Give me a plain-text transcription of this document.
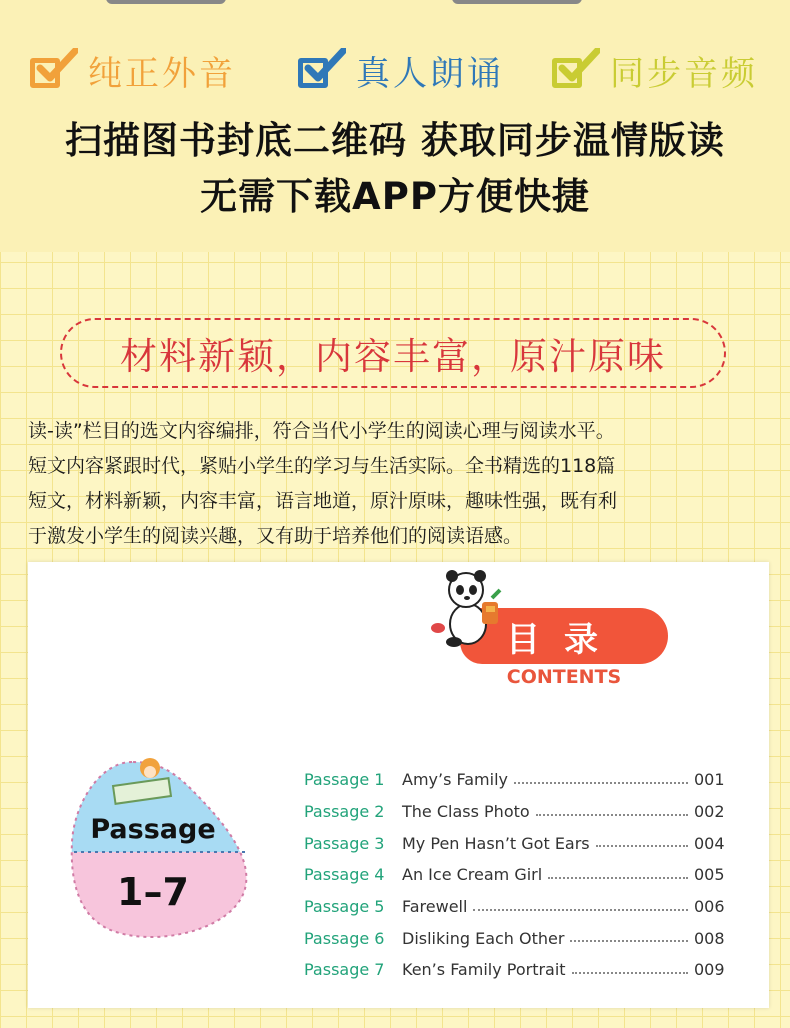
纯正外音	真人朗诵	同步音频
扫描图书封底二维码 获取同步温情版读
无需下载APP方便快捷
材料新颖，内容丰富，原汁原味

读-读”栏目的选文内容编排，符合当代小学生的阅读心理与阅读水平。

短文内容紧跟时代，紧贴小学生的学习与生活实际。全书精选的118篇

短文，材料新颖，内容丰富，语言地道，原汁原味，趣味性强，既有利

于激发小学生的阅读兴趣，又有助于培养他们的阅读语感。

目录
CONTENTS
Passage
1–7
Passage 1	Amy’s Family	001
Passage 2	The Class Photo	002
Passage 3	My Pen Hasn’t Got Ears	004
Passage 4	An Ice Cream Girl	005
Passage 5	Farewell	006
Passage 6	Disliking Each Other	008
Passage 7	Ken’s Family Portrait	009
